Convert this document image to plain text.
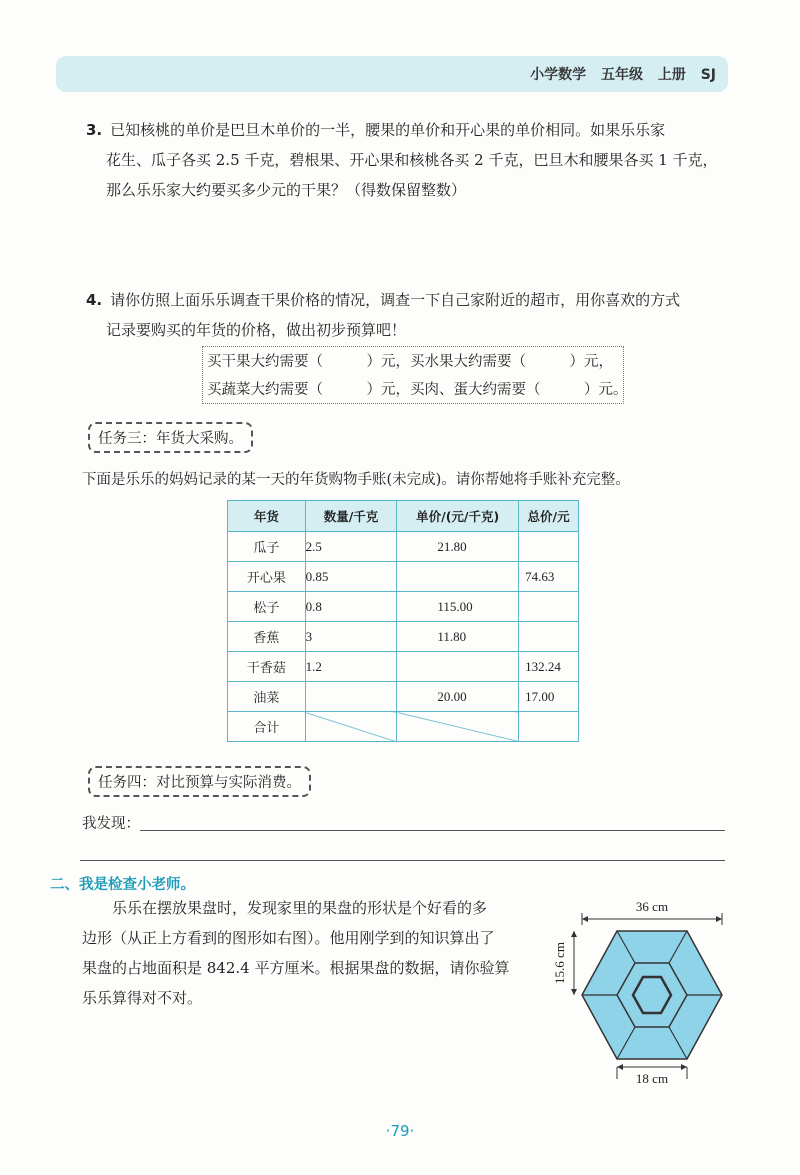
小学数学 五年级 上册 SJ
3. 已知核桃的单价是巴旦木单价的一半，腰果的单价和开心果的单价相同。如果乐乐家
花生、瓜子各买 2.5 千克，碧根果、开心果和核桃各买 2 千克，巴旦木和腰果各买 1 千克，
那么乐乐家大约要买多少元的干果？（得数保留整数）
4. 请你仿照上面乐乐调查干果价格的情况，调查一下自己家附近的超市，用你喜欢的方式
记录要购买的年货的价格，做出初步预算吧！
买干果大约需要（　　　）元，买水果大约需要（　　　）元，
买蔬菜大约需要（　　　）元，买肉、蛋大约需要（　　　）元。
任务三：年货大采购。
下面是乐乐的妈妈记录的某一天的年货购物手账(未完成)。请你帮她将手账补充完整。
年货	数量/千克	单价/(元/千克)	总价/元
瓜子	2.5	21.80	
开心果	0.85		74.63
松子	0.8	115.00	
香蕉	3	11.80	
干香菇	1.2		132.24
油菜		20.00	17.00
合计			
任务四：对比预算与实际消费。
我发现：
二、我是检查小老师。
乐乐在摆放果盘时，发现家里的果盘的形状是个好看的多
边形（从正上方看到的图形如右图）。他用刚学到的知识算出了
果盘的占地面积是 842.4 平方厘米。根据果盘的数据，请你验算
乐乐算得对不对。
36 cm
15.6 cm
18 cm
·79·
